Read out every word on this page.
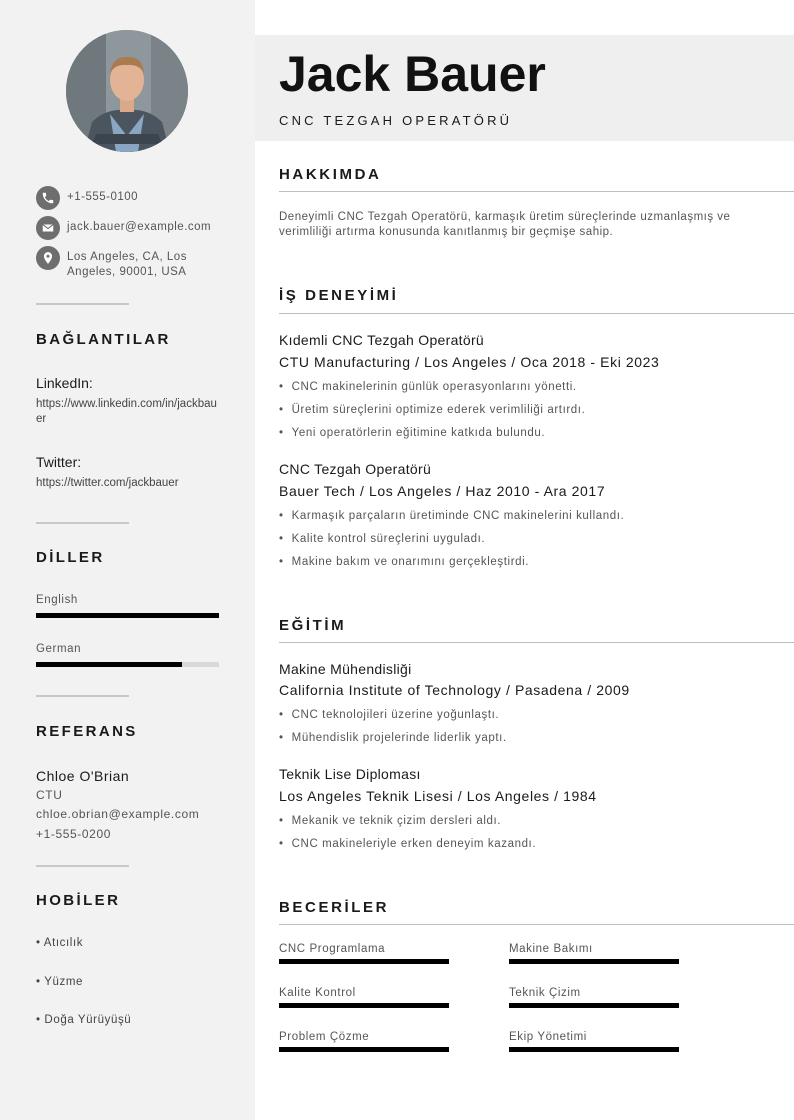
+1-555-0100
jack.bauer@example.com
Los Angeles, CA, Los Angeles, 90001, USA
BAĞLANTILAR
LinkedIn:
https://www.linkedin.com/in/jackbauer
Twitter:
https://twitter.com/jackbauer
DİLLER
English
German
REFERANS
Chloe O'Brian
CTU
chloe.obrian@example.com
+1-555-0200
HOBİLER
• Atıcılık
• Yüzme
• Doğa Yürüyüşü
Jack Bauer
CNC TEZGAH OPERATÖRÜ
HAKKIMDA
Deneyimli CNC Tezgah Operatörü, karmaşık üretim süreçlerinde uzmanlaşmış ve verimliliği artırma konusunda kanıtlanmış bir geçmişe sahip.
İŞ DENEYİMİ
Kıdemli CNC Tezgah Operatörü
CTU Manufacturing / Los Angeles / Oca 2018 - Eki 2023
• CNC makinelerinin günlük operasyonlarını yönetti.
• Üretim süreçlerini optimize ederek verimliliği artırdı.
• Yeni operatörlerin eğitimine katkıda bulundu.
CNC Tezgah Operatörü
Bauer Tech / Los Angeles / Haz 2010 - Ara 2017
• Karmaşık parçaların üretiminde CNC makinelerini kullandı.
• Kalite kontrol süreçlerini uyguladı.
• Makine bakım ve onarımını gerçekleştirdi.
EĞİTİM
Makine Mühendisliği
California Institute of Technology / Pasadena / 2009
• CNC teknolojileri üzerine yoğunlaştı.
• Mühendislik projelerinde liderlik yaptı.
Teknik Lise Diploması
Los Angeles Teknik Lisesi / Los Angeles / 1984
• Mekanik ve teknik çizim dersleri aldı.
• CNC makineleriyle erken deneyim kazandı.
BECERİLER
CNC Programlama	Makine Bakımı
Kalite Kontrol	Teknik Çizim
Problem Çözme	Ekip Yönetimi
